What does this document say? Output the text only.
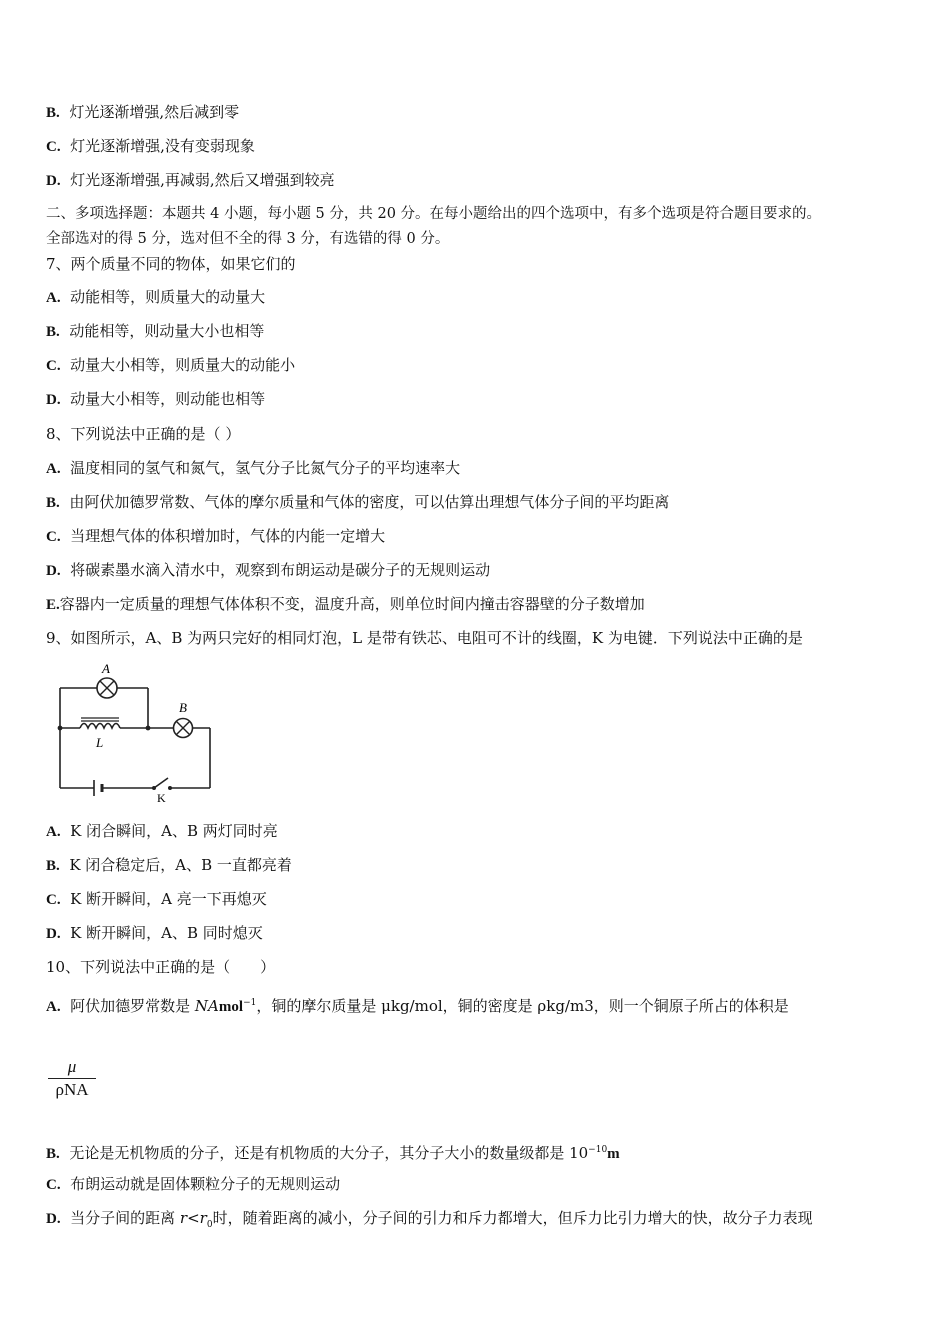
B. 灯光逐渐增强,然后减到零
C. 灯光逐渐增强,没有变弱现象
D. 灯光逐渐增强,再减弱,然后又增强到较亮
二、多项选择题：本题共 4 小题，每小题 5 分，共 20 分。在每小题给出的四个选项中，有多个选项是符合题目要求的。
全部选对的得 5 分，选对但不全的得 3 分，有选错的得 0 分。
7、两个质量不同的物体，如果它们的
A. 动能相等，则质量大的动量大
B. 动能相等，则动量大小也相等
C. 动量大小相等，则质量大的动能小
D. 动量大小相等，则动能也相等
8、下列说法中正确的是（ ）
A. 温度相同的氢气和氮气，氢气分子比氮气分子的平均速率大
B. 由阿伏加德罗常数、气体的摩尔质量和气体的密度，可以估算出理想气体分子间的平均距离
C. 当理想气体的体积增加时，气体的内能一定增大
D. 将碳素墨水滴入清水中，观察到布朗运动是碳分子的无规则运动
E.容器内一定质量的理想气体体积不变，温度升高，则单位时间内撞击容器壁的分子数增加
9、如图所示，A、B 为两只完好的相同灯泡，L 是带有铁芯、电阻可不计的线圈，K 为电键．下列说法中正确的是
A
B
L
K
A. K 闭合瞬间，A、B 两灯同时亮
B. K 闭合稳定后，A、B 一直都亮着
C. K 断开瞬间，A 亮一下再熄灭
D. K 断开瞬间，A、B 同时熄灭
10、下列说法中正确的是（　　）
A. 阿伏加德罗常数是 NAmol$^{-1}$，铜的摩尔质量是 μkg/mol，铜的密度是 ρkg/m3，则一个铜原子所占的体积是
μ
ρNA
B. 无论是无机物质的分子，还是有机物质的大分子，其分子大小的数量级都是 $10^{-10}m$
C. 布朗运动就是固体颗粒分子的无规则运动
D. 当分子间的距离 $r<r_0$时，随着距离的减小，分子间的引力和斥力都增大，但斥力比引力增大的快，故分子力表现
